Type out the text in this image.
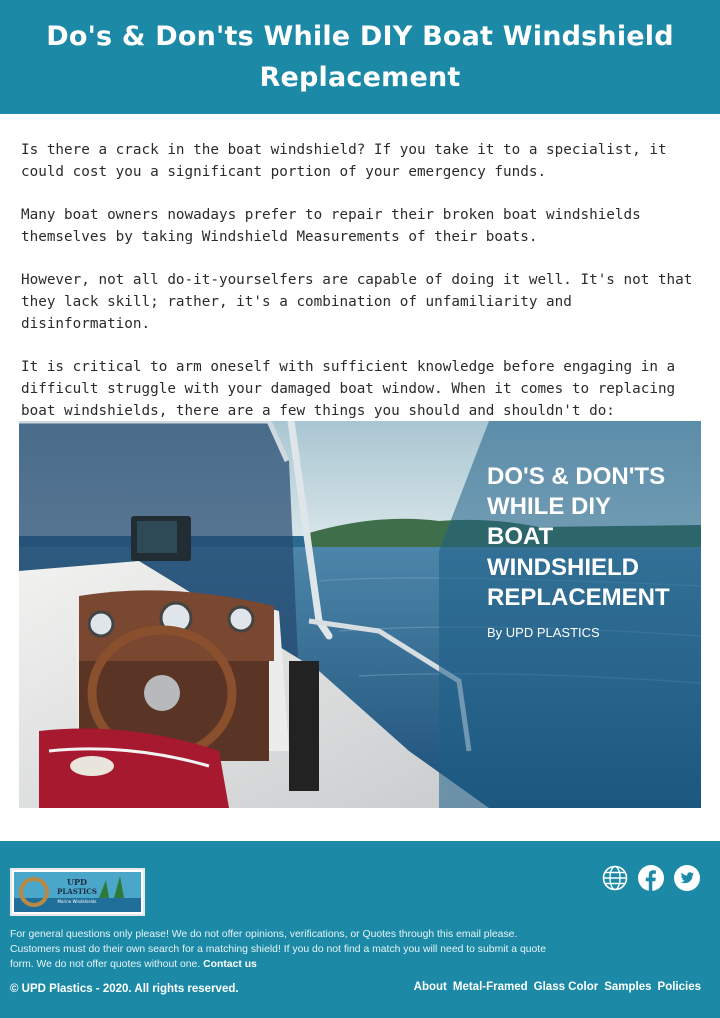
Do's & Don'ts While DIY Boat Windshield Replacement

Is there a crack in the boat windshield? If you take it to a specialist, it could cost you a significant portion of your emergency funds.

Many boat owners nowadays prefer to repair their broken boat windshields themselves by taking Windshield Measurements of their boats.

However, not all do-it-yourselfers are capable of doing it well. It's not that they lack skill; rather, it's a combination of unfamiliarity and disinformation.

It is critical to arm oneself with sufficient knowledge before engaging in a difficult struggle with your damaged boat window. When it comes to replacing boat windshields, there are a few things you should and shouldn't do:

DO'S & DON'TS
WHILE DIY
BOAT
WINDSHIELD
REPLACEMENT
By UPD PLASTICS
UPD
PLASTICS
Marine Windshields

For general questions only please! We do not offer opinions, verifications, or Quotes through this email please. Customers must do their own search for a matching shield! If you do not find a match you will need to submit a quote form. We do not offer quotes without one. Contact us

© UPD Plastics - 2020. All rights reserved.	About Metal-Framed Glass Color Samples Policies
